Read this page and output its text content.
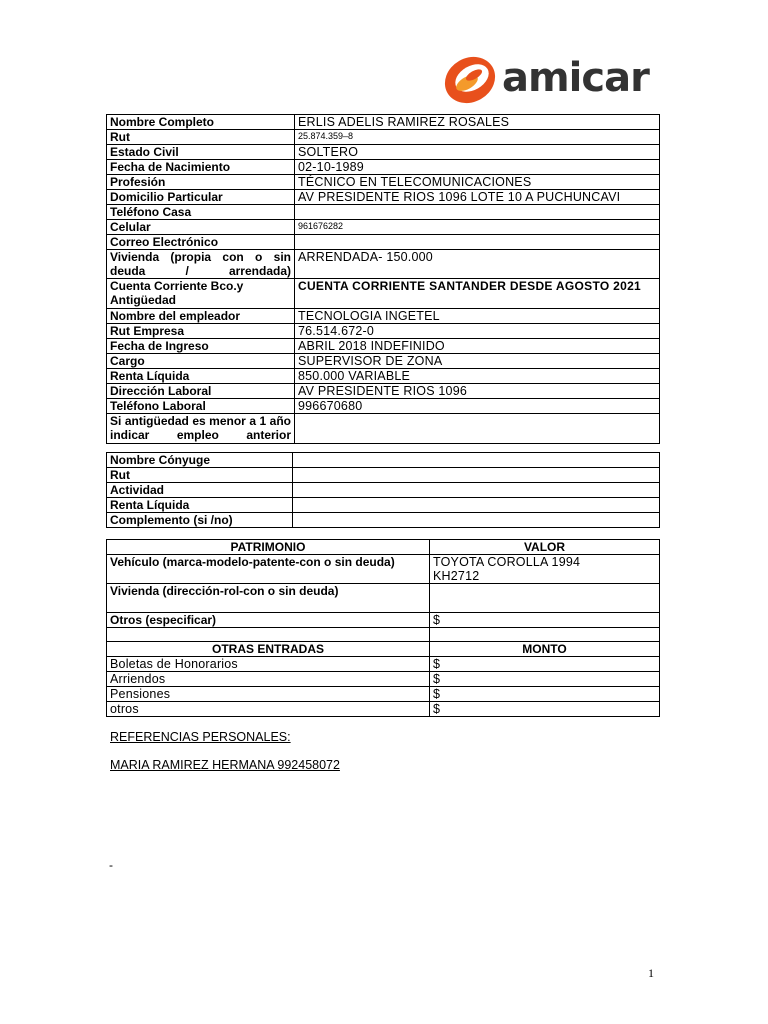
amicar
Nombre Completo	ERLIS ADELIS RAMIREZ ROSALES
Rut	25.874.359–8
Estado Civil	SOLTERO
Fecha de Nacimiento	02-10-1989
Profesión	TÉCNICO EN TELECOMUNICACIONES
Domicilio Particular	AV PRESIDENTE RIOS 1096 LOTE 10 A PUCHUNCAVI
Teléfono Casa	
Celular	961676282
Correo Electrónico	
Vivienda (propia con o sin deuda / arrendada)	ARRENDADA- 150.000
Cuenta Corriente Bco.y Antigüedad	CUENTA CORRIENTE SANTANDER DESDE AGOSTO 2021
Nombre del empleador	TECNOLOGIA INGETEL
Rut Empresa	76.514.672-0
Fecha de Ingreso	ABRIL 2018 INDEFINIDO
Cargo	SUPERVISOR DE ZONA
Renta Líquida	850.000 VARIABLE
Dirección Laboral	AV PRESIDENTE RIOS 1096
Teléfono Laboral	996670680
Si antigüedad es menor a 1 año indicar empleo anterior	
Nombre Cónyuge	
Rut	
Actividad	
Renta Líquida	
Complemento (si /no)	
PATRIMONIO	VALOR
Vehículo (marca-modelo-patente-con o sin deuda)	TOYOTA COROLLA 1994
KH2712

Vivienda (dirección-rol-con o sin deuda)	
Otros (especificar)	$

OTRAS ENTRADAS	MONTO
Boletas de Honorarios	$
Arriendos	$
Pensiones	$
otros	$
REFERENCIAS PERSONALES:
MARIA RAMIREZ HERMANA 992458072
-
1
